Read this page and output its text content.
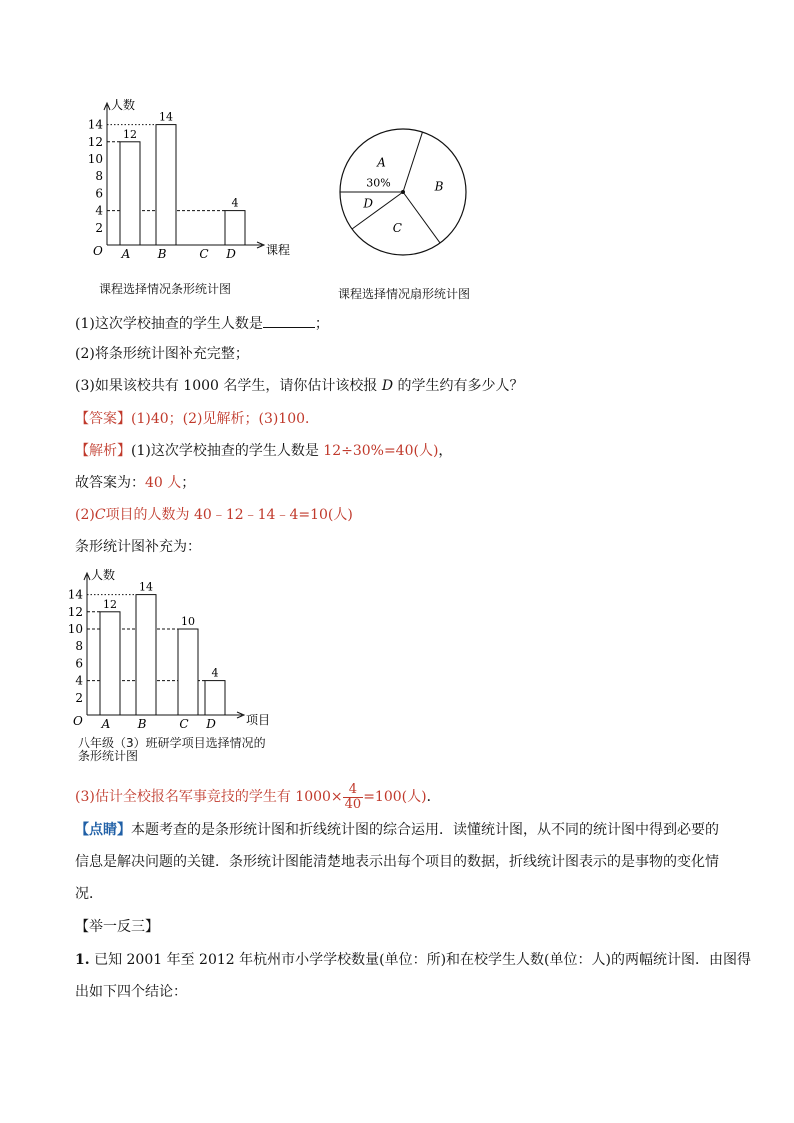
人数
课程
O
2
4
6
8
10
12
14
12
A
14
B	C
4
D
课程选择情况条形统计图
A
30%	B
C
D
课程选择情况扇形统计图
(1)这次学校抽查的学生人数是	；
(2)将条形统计图补充完整；
(3)如果该校共有 1000 名学生，请你估计该校报 D 的学生约有多少人？
【答案】(1)40；(2)见解析；(3)100．
【解析】(1)这次学校抽查的学生人数是 12÷30%=40(人)，
故答案为：40 人；
(2)C项目的人数为 40﹣12﹣14﹣4=10(人)
条形统计图补充为：
人数
项目
O
2
4
6
8
10
12
14
12
A
14
B
10
C
4
D
八年级（3）班研学项目选择情况的
条形统计图
(3)估计全校报名军事竞技的学生有 $1000\times \frac{4}{40} =100$(人)．
【点睛】本题考查的是条形统计图和折线统计图的综合运用．读懂统计图，从不同的统计图中得到必要的
信息是解决问题的关键．条形统计图能清楚地表示出每个项目的数据，折线统计图表示的是事物的变化情
况．
【举一反三】
1. 已知 2001 年至 2012 年杭州市小学学校数量(单位：所)和在校学生人数(单位：人)的两幅统计图．由图得
出如下四个结论：
